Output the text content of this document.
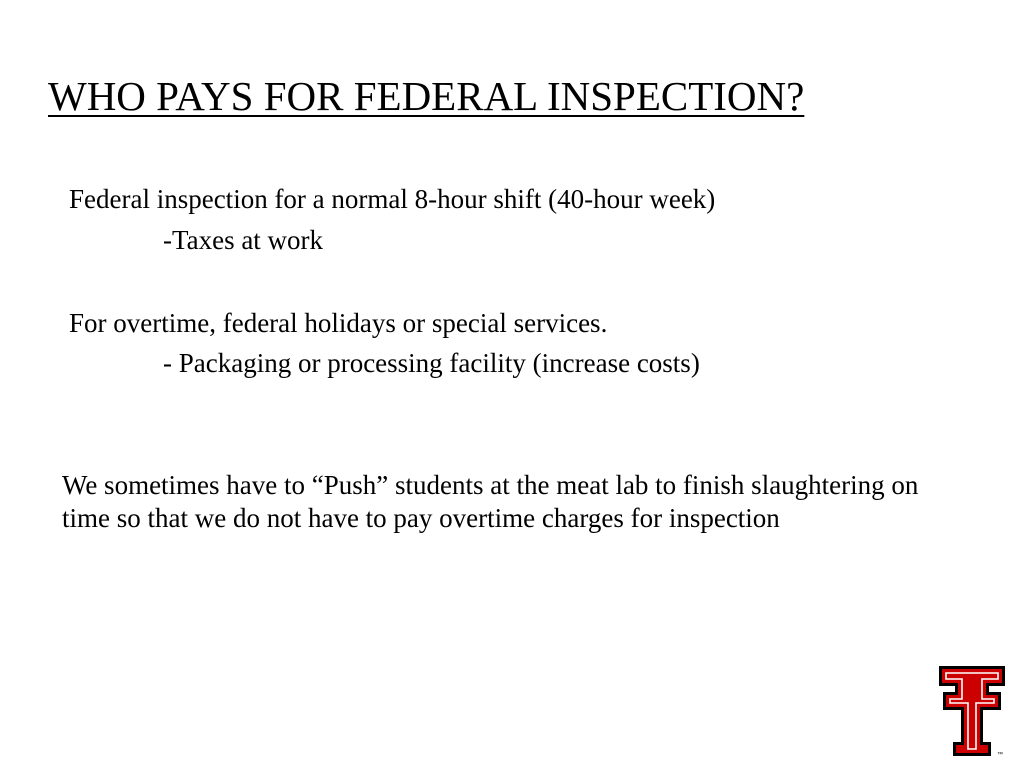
WHO PAYS FOR FEDERAL INSPECTION?

Federal inspection for a normal 8-hour shift (40-hour week)

-Taxes at work

For overtime, federal holidays or special services.

- Packaging or processing facility (increase costs)

We sometimes have to “Push” students at the meat lab to finish slaughtering on time so that we do not have to pay overtime charges for inspection

™
